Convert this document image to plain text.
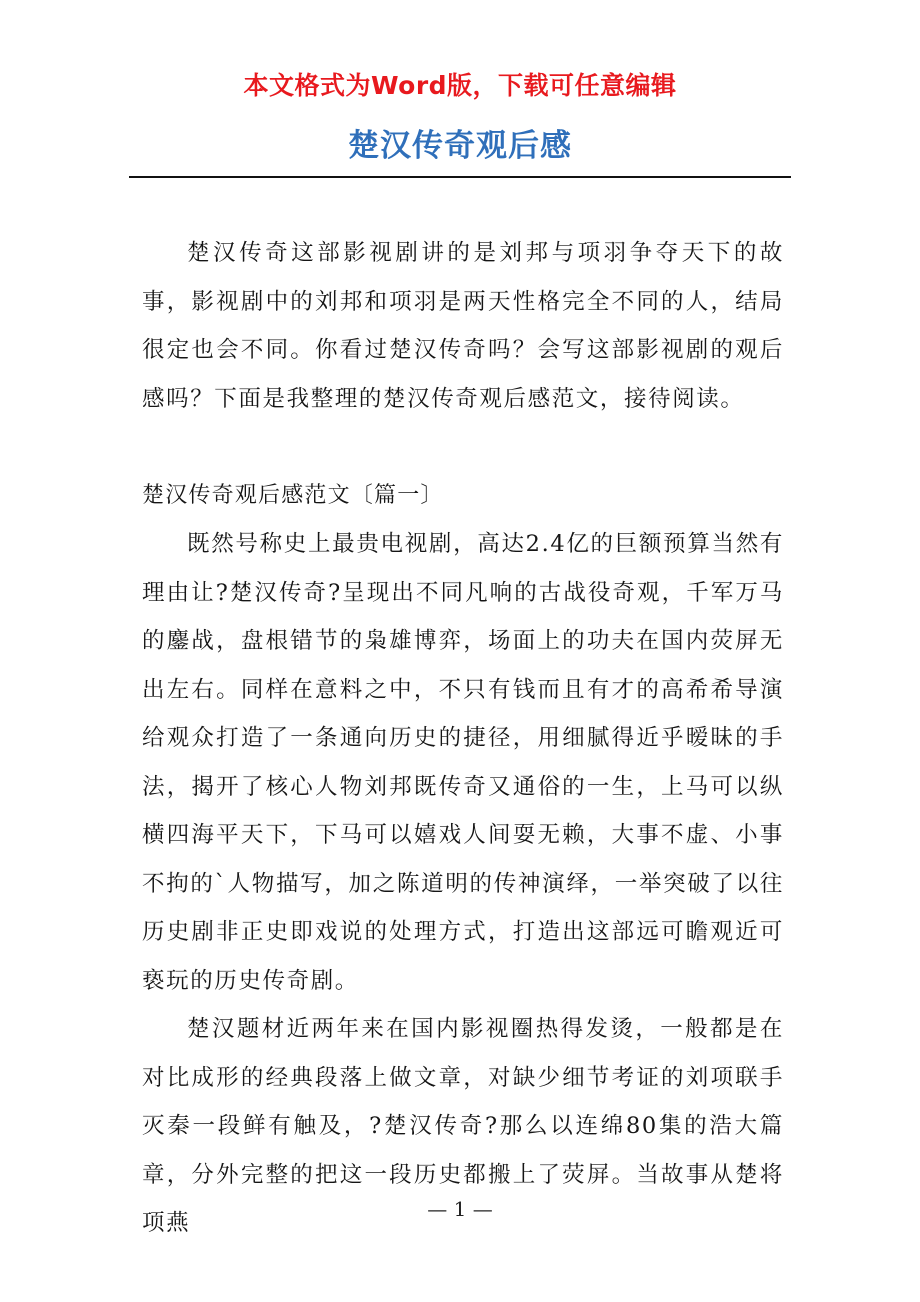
本文格式为Word版，下载可任意编辑
楚汉传奇观后感

楚汉传奇这部影视剧讲的是刘邦与项羽争夺天下的故事，影视剧中的刘邦和项羽是两天性格完全不同的人，结局很定也会不同。你看过楚汉传奇吗？会写这部影视剧的观后感吗？下面是我整理的楚汉传奇观后感范文，接待阅读。

楚汉传奇观后感范文〔篇一〕

既然号称史上最贵电视剧，高达2.4亿的巨额预算当然有理由让?楚汉传奇?呈现出不同凡响的古战役奇观，千军万马的鏖战，盘根错节的枭雄博弈，场面上的功夫在国内荧屏无出左右。同样在意料之中，不只有钱而且有才的高希希导演给观众打造了一条通向历史的捷径，用细腻得近乎暧昧的手法，揭开了核心人物刘邦既传奇又通俗的一生，上马可以纵横四海平天下，下马可以嬉戏人间耍无赖，大事不虚、小事不拘的`人物描写，加之陈道明的传神演绎，一举突破了以往历史剧非正史即戏说的处理方式，打造出这部远可瞻观近可亵玩的历史传奇剧。

楚汉题材近两年来在国内影视圈热得发烫，一般都是在对比成形的经典段落上做文章，对缺少细节考证的刘项联手灭秦一段鲜有触及，?楚汉传奇?那么以连绵80集的浩大篇章，分外完整的把这一段历史都搬上了荧屏。当故事从楚将项燕

— 1 —
